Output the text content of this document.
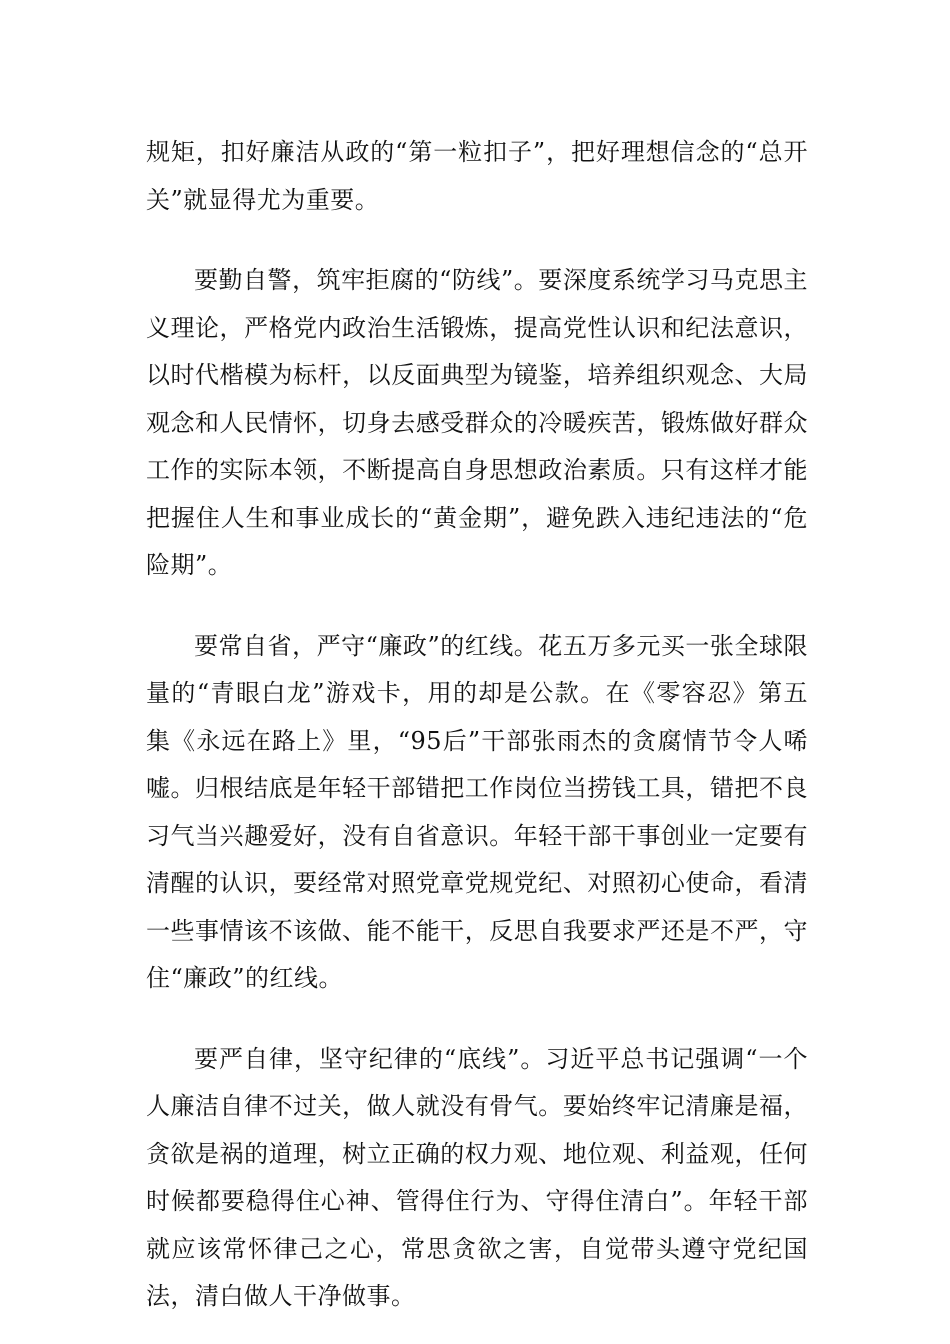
规矩，扣好廉洁从政的“第一粒扣子”，把好理想信念的“总开关”就显得尤为重要。

要勤自警，筑牢拒腐的“防线”。要深度系统学习马克思主义理论，严格党内政治生活锻炼，提高党性认识和纪法意识，以时代楷模为标杆，以反面典型为镜鉴，培养组织观念、大局观念和人民情怀，切身去感受群众的冷暖疾苦，锻炼做好群众工作的实际本领，不断提高自身思想政治素质。只有这样才能把握住人生和事业成长的“黄金期”，避免跌入违纪违法的“危险期”。

要常自省，严守“廉政”的红线。花五万多元买一张全球限量的“青眼白龙”游戏卡，用的却是公款。在《零容忍》第五集《永远在路上》里，“95后”干部张雨杰的贪腐情节令人唏嘘。归根结底是年轻干部错把工作岗位当捞钱工具，错把不良习气当兴趣爱好，没有自省意识。年轻干部干事创业一定要有清醒的认识，要经常对照党章党规党纪、对照初心使命，看清一些事情该不该做、能不能干，反思自我要求严还是不严，守住“廉政”的红线。

要严自律，坚守纪律的“底线”。习近平总书记强调“一个人廉洁自律不过关，做人就没有骨气。要始终牢记清廉是福，贪欲是祸的道理，树立正确的权力观、地位观、利益观，任何时候都要稳得住心神、管得住行为、守得住清白”。年轻干部就应该常怀律己之心，常思贪欲之害，自觉带头遵守党纪国法，清白做人干净做事。
